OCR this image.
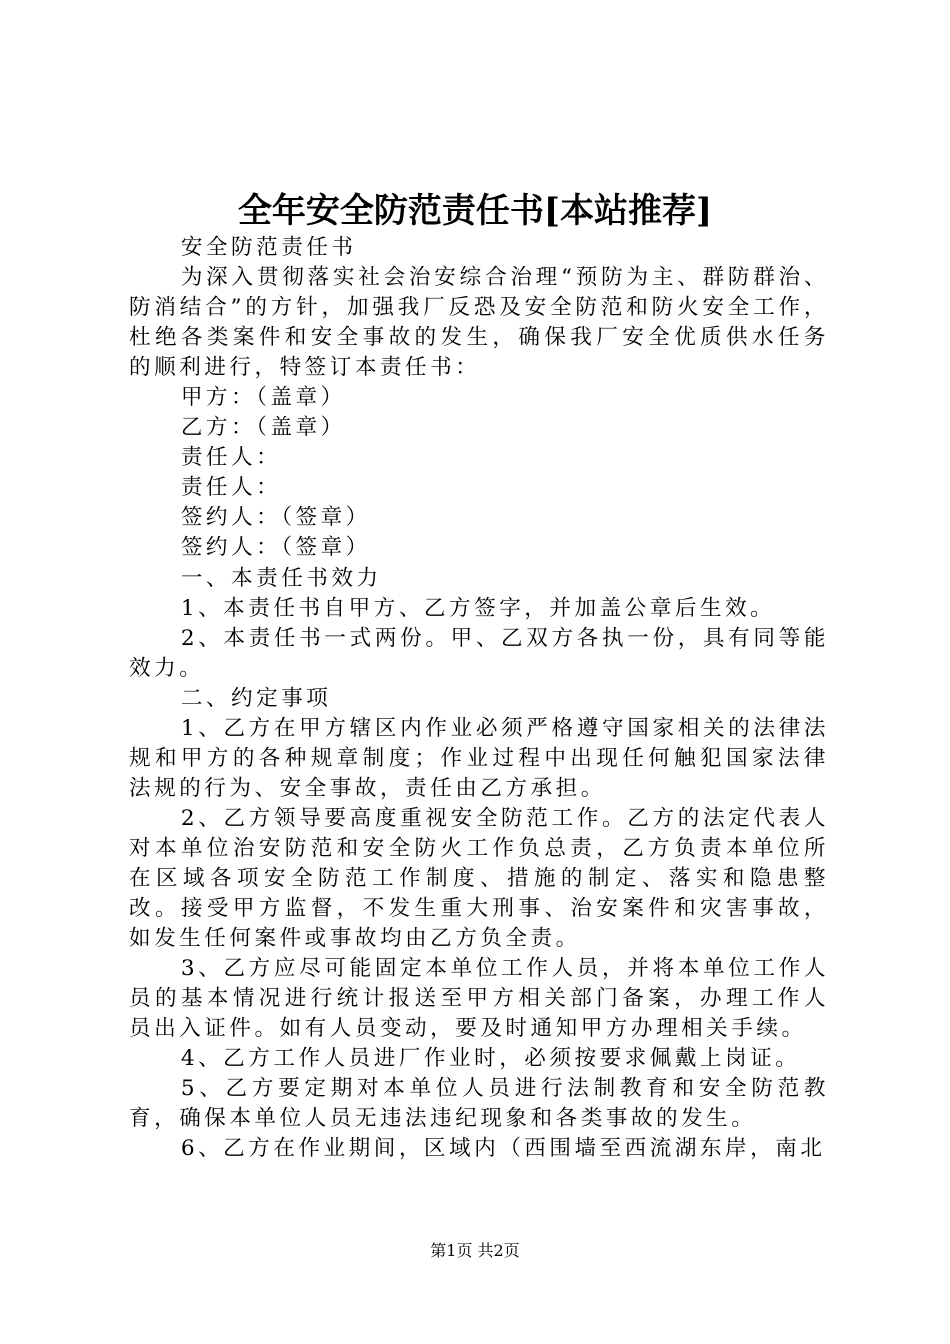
全年安全防范责任书[本站推荐]

安全防范责任书

为深入贯彻落实社会治安综合治理“预防为主、群防群治、防消结合”的方针，加强我厂反恐及安全防范和防火安全工作，杜绝各类案件和安全事故的发生，确保我厂安全优质供水任务的顺利进行，特签订本责任书：

甲方：（盖章）

乙方：（盖章）

责任人：

责任人：

签约人：（签章）

签约人：（签章）

一、本责任书效力

1、本责任书自甲方、乙方签字，并加盖公章后生效。

2、本责任书一式两份。甲、乙双方各执一份，具有同等能效力。

二、约定事项

1、乙方在甲方辖区内作业必须严格遵守国家相关的法律法规和甲方的各种规章制度；作业过程中出现任何触犯国家法律法规的行为、安全事故，责任由乙方承担。

2、乙方领导要高度重视安全防范工作。乙方的法定代表人对本单位治安防范和安全防火工作负总责，乙方负责本单位所在区域各项安全防范工作制度、措施的制定、落实和隐患整改。接受甲方监督，不发生重大刑事、治安案件和灾害事故，如发生任何案件或事故均由乙方负全责。

3、乙方应尽可能固定本单位工作人员，并将本单位工作人员的基本情况进行统计报送至甲方相关部门备案，办理工作人员出入证件。如有人员变动，要及时通知甲方办理相关手续。

4、乙方工作人员进厂作业时，必须按要求佩戴上岗证。

5、乙方要定期对本单位人员进行法制教育和安全防范教育，确保本单位人员无违法违纪现象和各类事故的发生。

6、乙方在作业期间，区域内（西围墙至西流湖东岸，南北

第1页 共2页
